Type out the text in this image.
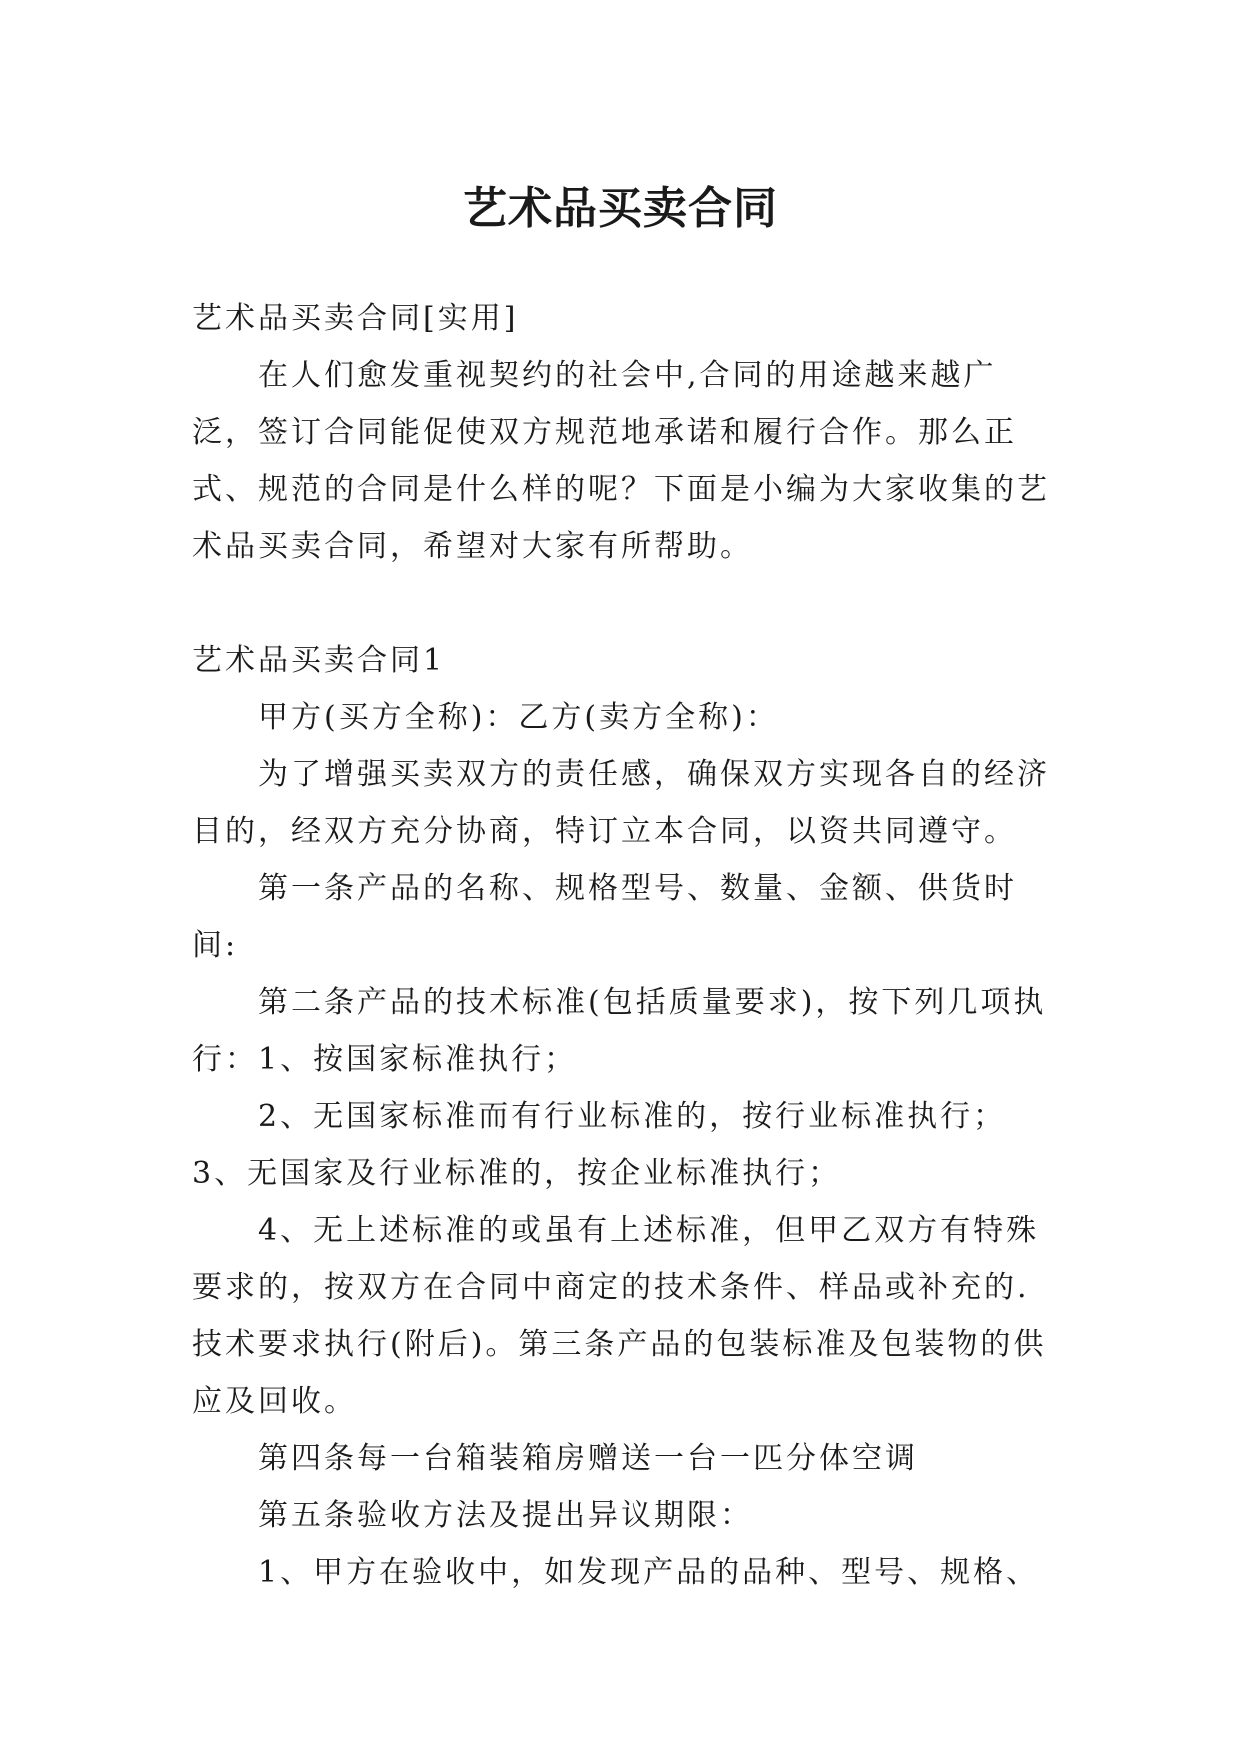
艺术品买卖合同

艺术品买卖合同[实用]

在人们愈发重视契约的社会中,合同的用途越来越广泛，签订合同能促使双方规范地承诺和履行合作。那么正式、规范的合同是什么样的呢？下面是小编为大家收集的艺术品买卖合同，希望对大家有所帮助。

艺术品买卖合同1

甲方(买方全称)：乙方(卖方全称)：

为了增强买卖双方的责任感，确保双方实现各自的经济目的，经双方充分协商，特订立本合同，以资共同遵守。

第一条产品的名称、规格型号、数量、金额、供货时间:

第二条产品的技术标准(包括质量要求)，按下列几项执行：1、按国家标准执行；

2、无国家标准而有行业标准的，按行业标准执行；3、无国家及行业标准的，按企业标准执行；

4、无上述标准的或虽有上述标准，但甲乙双方有特殊要求的，按双方在合同中商定的技术条件、样品或补充的.技术要求执行(附后)。第三条产品的包装标准及包装物的供应及回收。

第四条每一台箱装箱房赠送一台一匹分体空调

第五条验收方法及提出异议期限：

1、甲方在验收中，如发现产品的品种、型号、规格、
